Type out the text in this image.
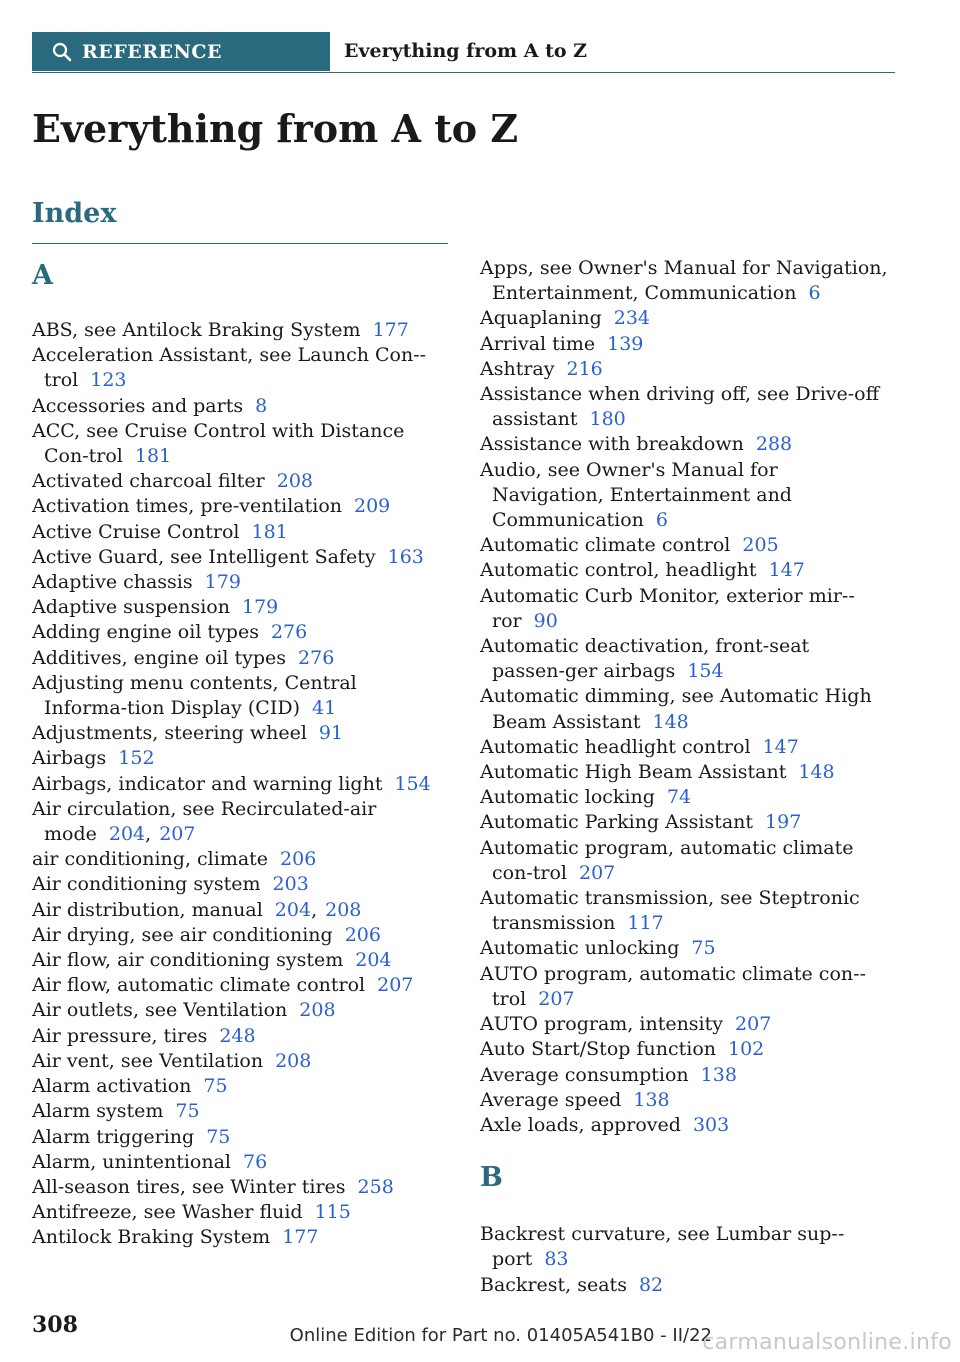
REFERENCE	Everything from A to Z
Everything from A to Z
Index
A
ABS, see Antilock Braking System 177
Acceleration Assistant, see Launch Con-trol 123
Accessories and parts 8
ACC, see Cruise Control with Distance Con-trol 181
Activated charcoal filter 208
Activation times, pre-ventilation 209
Active Cruise Control 181
Active Guard, see Intelligent Safety 163
Adaptive chassis 179
Adaptive suspension 179
Adding engine oil types 276
Additives, engine oil types 276
Adjusting menu contents, Central Informa-tion Display (CID) 41
Adjustments, steering wheel 91
Airbags 152
Airbags, indicator and warning light 154
Air circulation, see Recirculated-air mode 204, 207
air conditioning, climate 206
Air conditioning system 203
Air distribution, manual 204, 208
Air drying, see air conditioning 206
Air flow, air conditioning system 204
Air flow, automatic climate control 207
Air outlets, see Ventilation 208
Air pressure, tires 248
Air vent, see Ventilation 208
Alarm activation 75
Alarm system 75
Alarm triggering 75
Alarm, unintentional 76
All-season tires, see Winter tires 258
Antifreeze, see Washer fluid 115
Antilock Braking System 177
Apps, see Owner's Manual for Navigation, Entertainment, Communication 6
Aquaplaning 234
Arrival time 139
Ashtray 216
Assistance when driving off, see Drive-off assistant 180
Assistance with breakdown 288
Audio, see Owner's Manual for Navigation, Entertainment and Communication 6
Automatic climate control 205
Automatic control, headlight 147
Automatic Curb Monitor, exterior mir-ror 90
Automatic deactivation, front-seat passen-ger airbags 154
Automatic dimming, see Automatic High Beam Assistant 148
Automatic headlight control 147
Automatic High Beam Assistant 148
Automatic locking 74
Automatic Parking Assistant 197
Automatic program, automatic climate con-trol 207
Automatic transmission, see Steptronic transmission 117
Automatic unlocking 75
AUTO program, automatic climate con-trol 207
AUTO program, intensity 207
Auto Start/Stop function 102
Average consumption 138
Average speed 138
Axle loads, approved 303
B
Backrest curvature, see Lumbar sup-port 83
Backrest, seats 82
308	Online Edition for Part no. 01405A541B0 - II/22
carmanualsonline.info
